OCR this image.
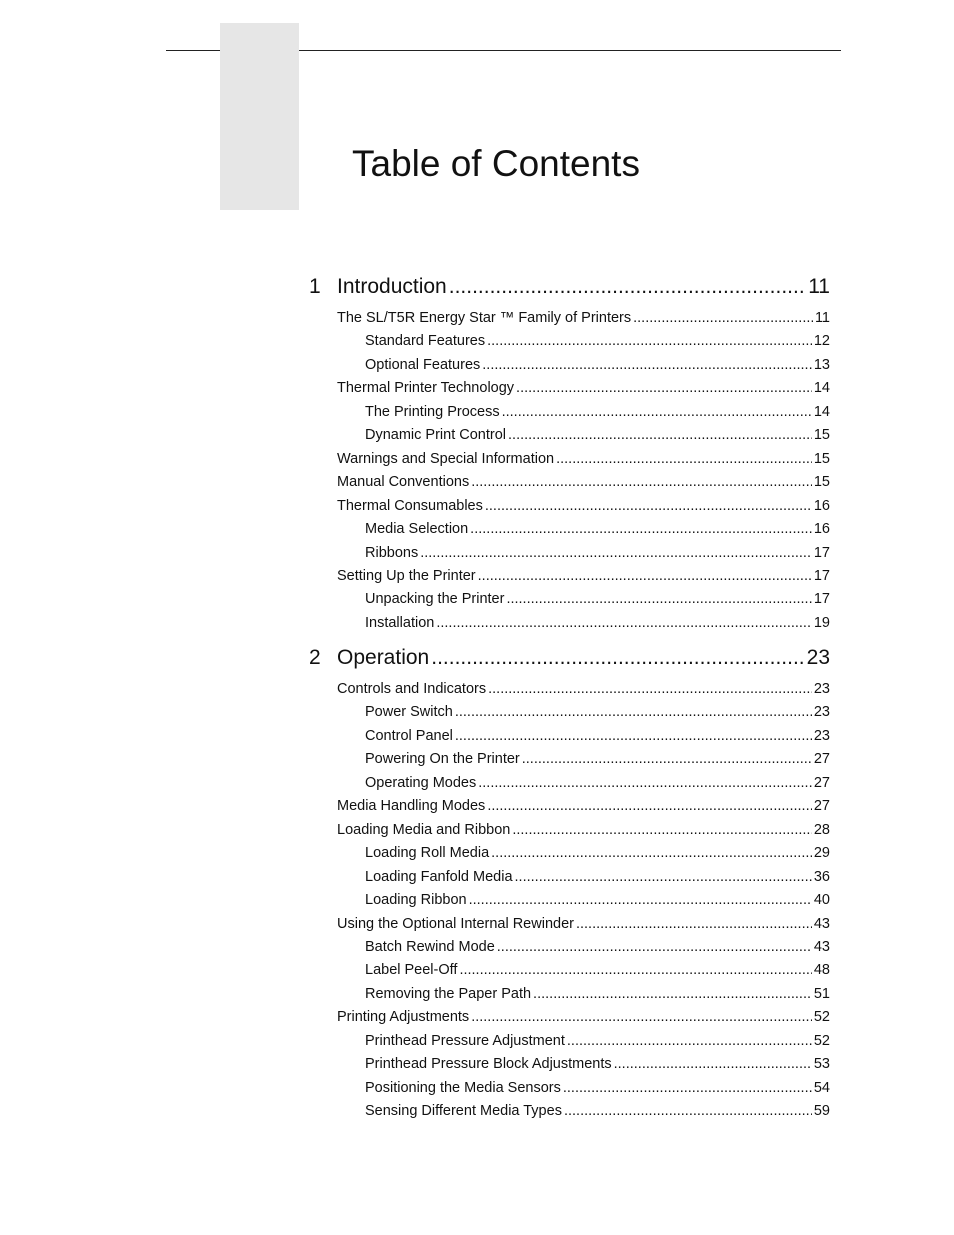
Table of Contents
1 Introduction .....	11
The SL/T5R Energy Star ™ Family of Printers .....	11
Standard Features .....	12
Optional Features .....	13
Thermal Printer Technology .....	14
The Printing Process .....	14
Dynamic Print Control .....	15
Warnings and Special Information .....	15
Manual Conventions .....	15
Thermal Consumables .....	16
Media Selection .....	16
Ribbons .....	17
Setting Up the Printer .....	17
Unpacking the Printer .....	17
Installation .....	19
2 Operation .....	23
Controls and Indicators .....	23
Power Switch .....	23
Control Panel .....	23
Powering On the Printer .....	27
Operating Modes .....	27
Media Handling Modes .....	27
Loading Media and Ribbon .....	28
Loading Roll Media .....	29
Loading Fanfold Media .....	36
Loading Ribbon .....	40
Using the Optional Internal Rewinder .....	43
Batch Rewind Mode .....	43
Label Peel-Off .....	48
Removing the Paper Path .....	51
Printing Adjustments .....	52
Printhead Pressure Adjustment .....	52
Printhead Pressure Block Adjustments .....	53
Positioning the Media Sensors .....	54
Sensing Different Media Types .....	59
